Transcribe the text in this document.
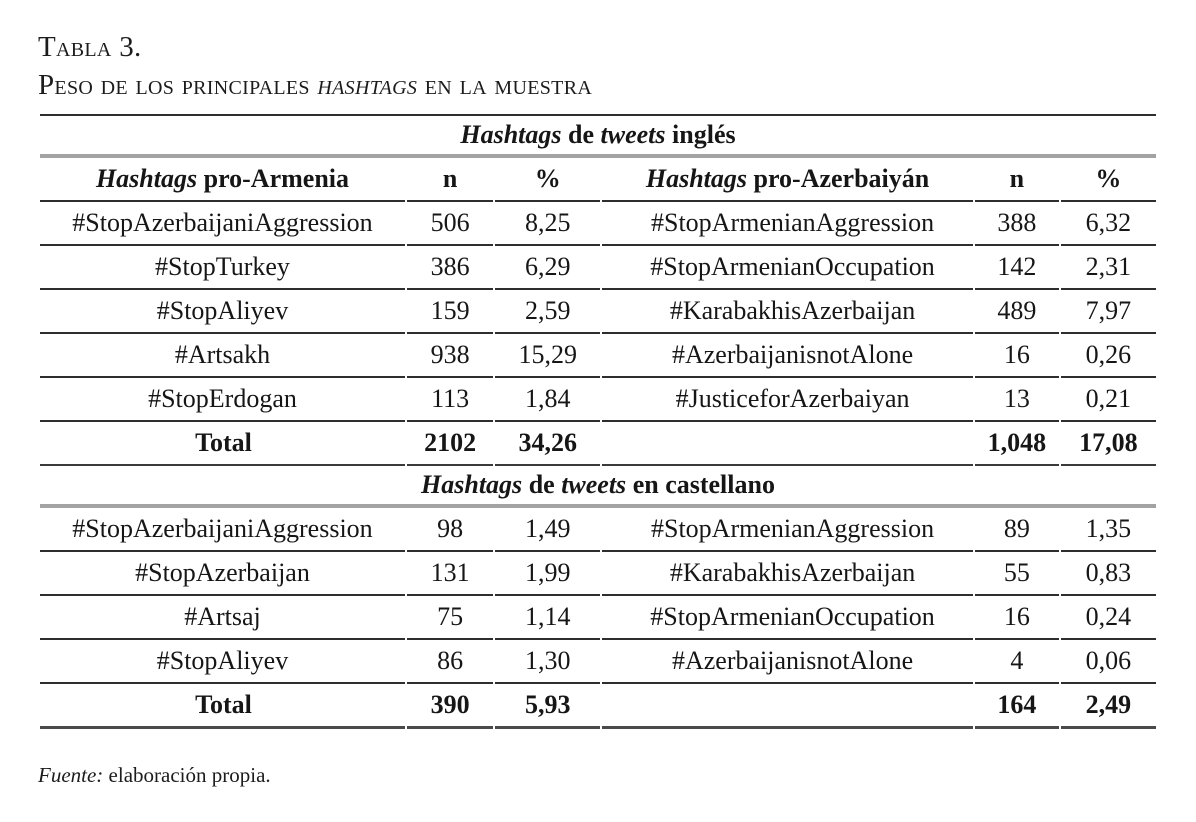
Tabla 3.
Peso de los principales hashtags en la muestra
Hashtags de tweets inglés					
Hashtags pro-Armenia	n	%	Hashtags pro-Azerbaiyán	n	%
#StopAzerbaijaniAggression	506	8,25	#StopArmenianAggression	388	6,32
#StopTurkey	386	6,29	#StopArmenianOccupation	142	2,31
#StopAliyev	159	2,59	#KarabakhisAzerbaijan	489	7,97
#Artsakh	938	15,29	#AzerbaijanisnotAlone	16	0,26
#StopErdogan	113	1,84	#JusticeforAzerbaiyan	13	0,21
Total	2102	34,26		1,048	17,08
Hashtags de tweets en castellano					
#StopAzerbaijaniAggression	98	1,49	#StopArmenianAggression	89	1,35
#StopAzerbaijan	131	1,99	#KarabakhisAzerbaijan	55	0,83
#Artsaj	75	1,14	#StopArmenianOccupation	16	0,24
#StopAliyev	86	1,30	#AzerbaijanisnotAlone	4	0,06
Total	390	5,93		164	2,49
Fuente: elaboración propia.
